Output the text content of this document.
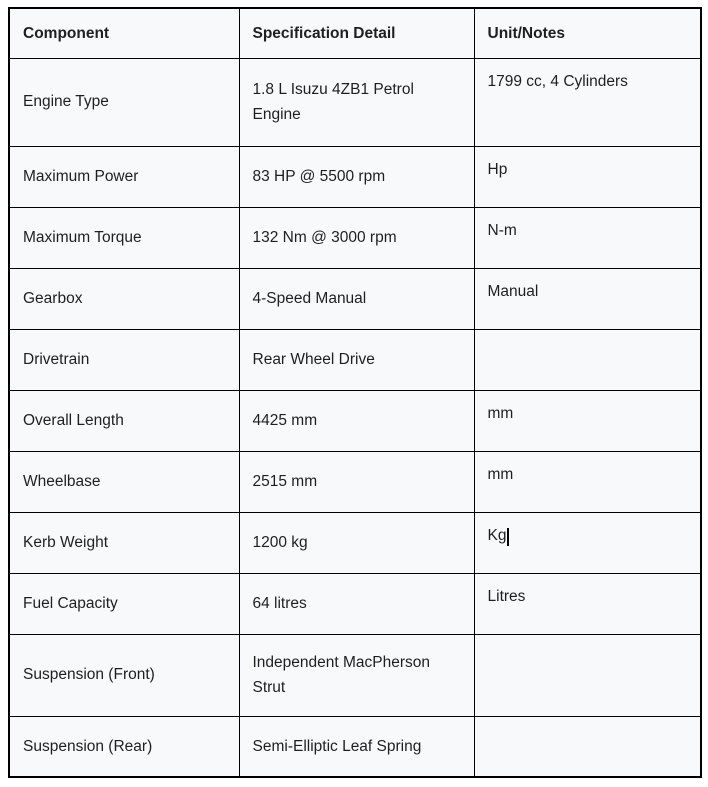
Component	Specification Detail	Unit/Notes
Engine Type	1.8 L Isuzu 4ZB1 Petrol Engine	1799 cc, 4 Cylinders
Maximum Power	83 HP @ 5500 rpm	Hp
Maximum Torque	132 Nm @ 3000 rpm	N-m
Gearbox	4-Speed Manual	Manual
Drivetrain	Rear Wheel Drive	
Overall Length	4425 mm	mm
Wheelbase	2515 mm	mm
Kerb Weight	1200 kg	Kg
Fuel Capacity	64 litres	Litres
Suspension (Front)	Independent MacPherson Strut	
Suspension (Rear)	Semi-Elliptic Leaf Spring	
